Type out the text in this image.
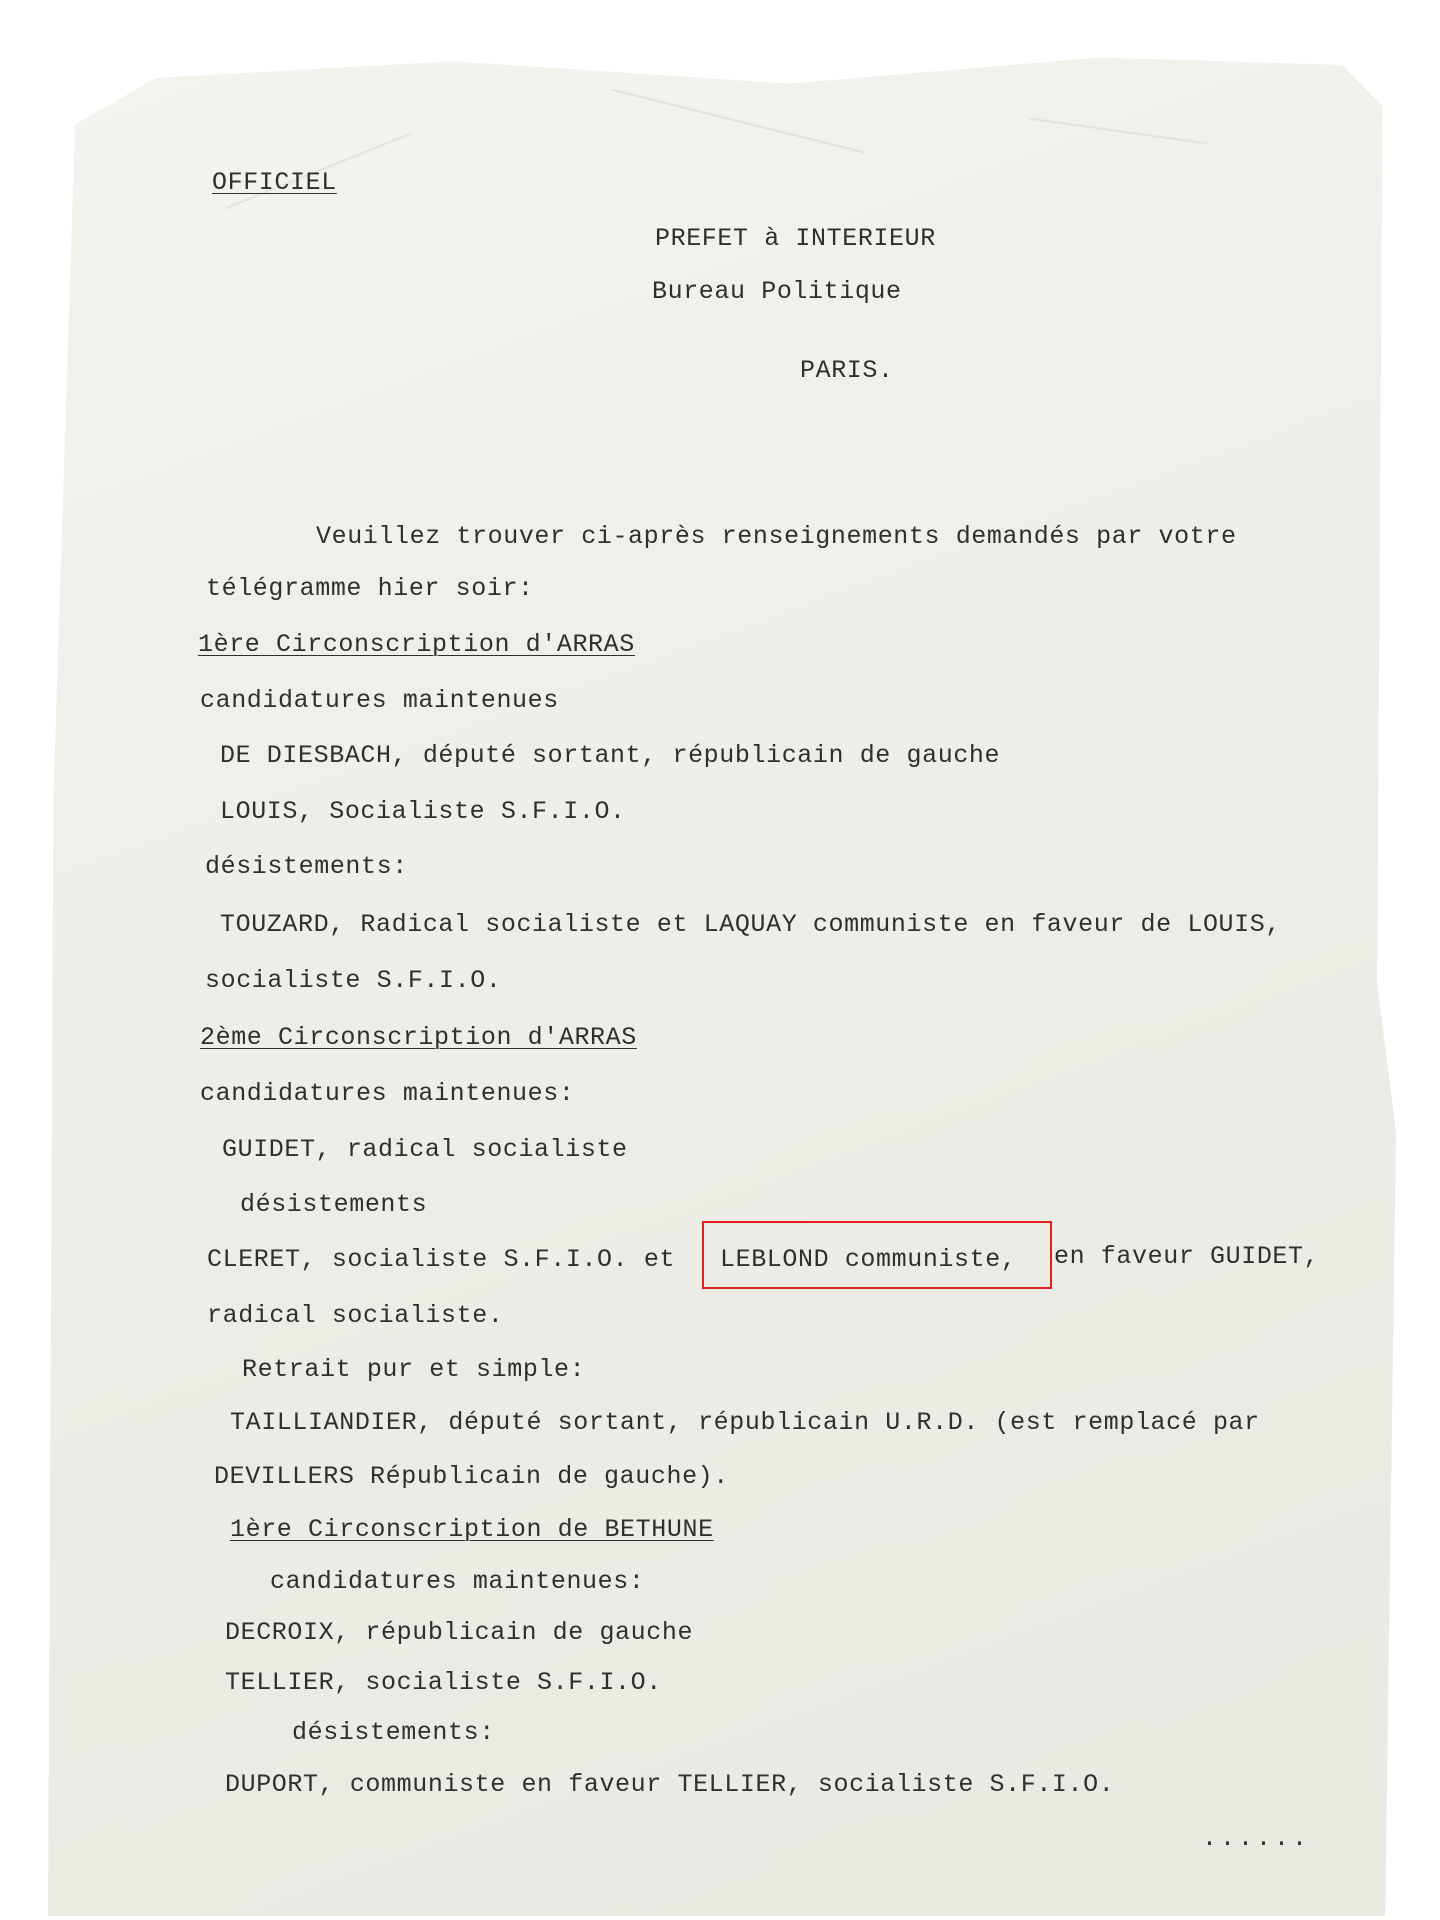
OFFICIEL
PREFET à INTERIEUR
Bureau Politique
PARIS.
Veuillez trouver ci-après renseignements demandés par votre
télégramme hier soir:
1ère Circonscription d'ARRAS
candidatures maintenues
DE DIESBACH, député sortant, républicain de gauche
LOUIS, Socialiste S.F.I.O.
désistements:
TOUZARD, Radical socialiste et LAQUAY communiste en faveur de LOUIS,
socialiste S.F.I.O.
2ème Circonscription d'ARRAS
candidatures maintenues:
GUIDET, radical socialiste
désistements
CLERET, socialiste S.F.I.O. et LEBLOND communiste, en faveur GUIDET,
radical socialiste.
Retrait pur et simple:
TAILLIANDIER, député sortant, républicain U.R.D. (est remplacé par
DEVILLERS Républicain de gauche).
1ère Circonscription de BETHUNE
candidatures maintenues:
DECROIX, républicain de gauche
TELLIER, socialiste S.F.I.O.
désistements:
DUPORT, communiste en faveur TELLIER, socialiste S.F.I.O.
......
